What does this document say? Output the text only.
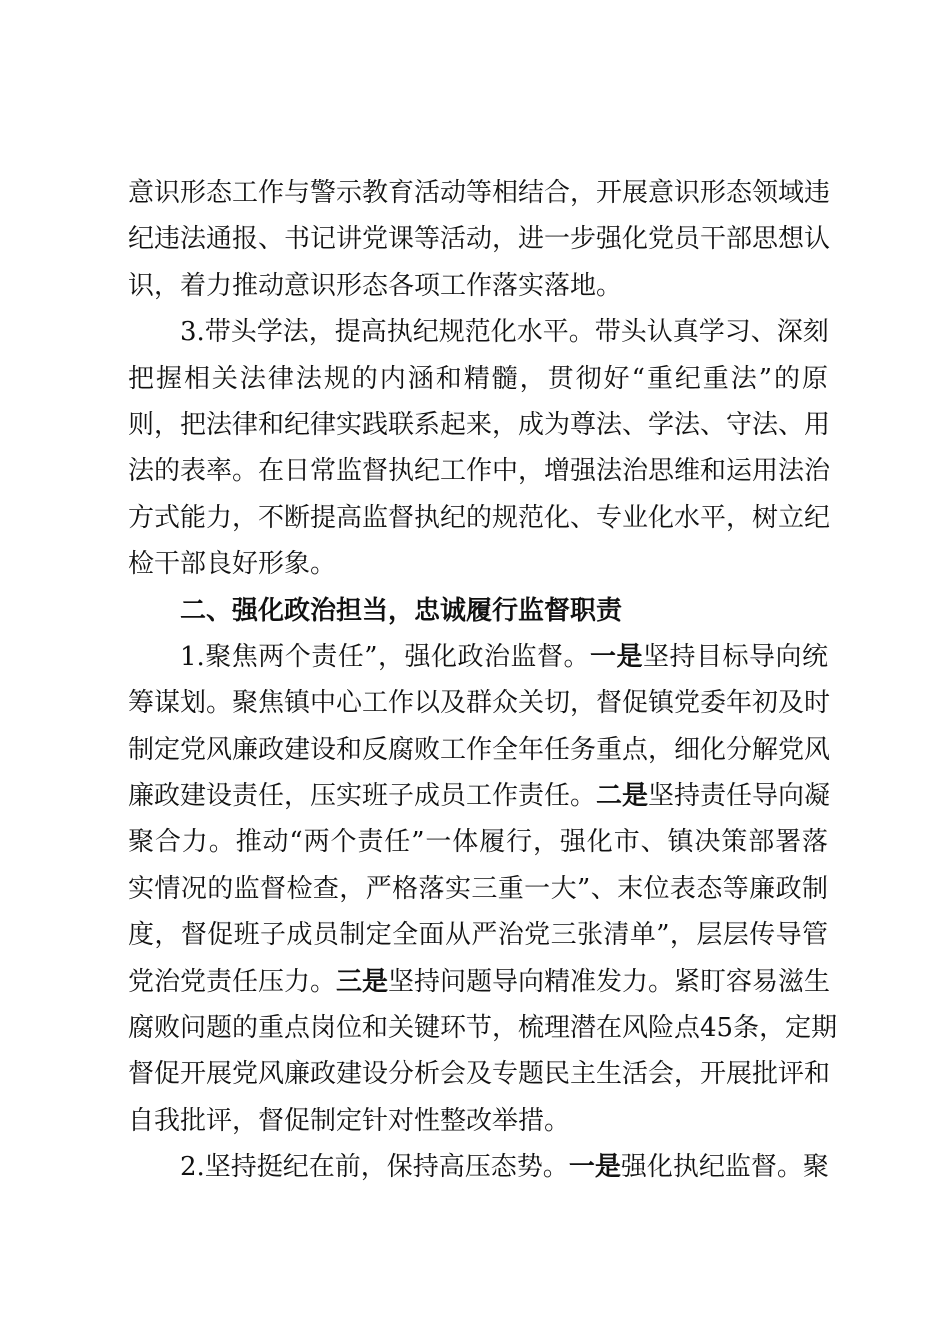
意识形态工作与警示教育活动等相结合，开展意识形态领域违
纪违法通报、书记讲党课等活动，进一步强化党员干部思想认
识，着力推动意识形态各项工作落实落地。
3.带头学法，提高执纪规范化水平。带头认真学习、深刻
把握相关法律法规的内涵和精髓，贯彻好“重纪重法”的原
则，把法律和纪律实践联系起来，成为尊法、学法、守法、用
法的表率。在日常监督执纪工作中，增强法治思维和运用法治
方式能力，不断提高监督执纪的规范化、专业化水平，树立纪
检干部良好形象。
二、强化政治担当，忠诚履行监督职责
1.聚焦两个责任”，强化政治监督。一是坚持目标导向统
筹谋划。聚焦镇中心工作以及群众关切，督促镇党委年初及时
制定党风廉政建设和反腐败工作全年任务重点，细化分解党风
廉政建设责任，压实班子成员工作责任。二是坚持责任导向凝
聚合力。推动“两个责任”一体履行，强化市、镇决策部署落
实情况的监督检查，严格落实三重一大”、末位表态等廉政制
度，督促班子成员制定全面从严治党三张清单”，层层传导管
党治党责任压力。三是坚持问题导向精准发力。紧盯容易滋生
腐败问题的重点岗位和关键环节，梳理潜在风险点45条，定期
督促开展党风廉政建设分析会及专题民主生活会，开展批评和
自我批评，督促制定针对性整改举措。
2.坚持挺纪在前，保持高压态势。一是强化执纪监督。聚
